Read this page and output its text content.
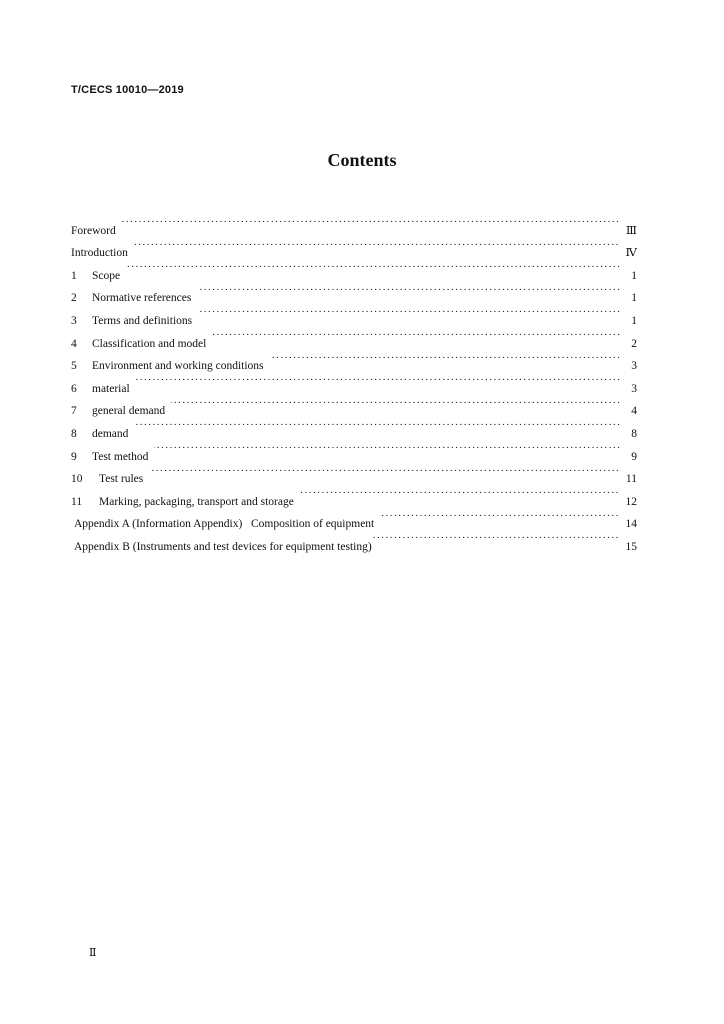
T/CECS 10010—2019
Contents
Foreword ·····	Ⅲ
Introduction ·····	Ⅳ
1	Scope ·····	1
2	Normative references ·····	1
3	Terms and definitions ·····	1
4	Classification and model ·····	2
5	Environment and working conditions ·····	3
6	material ·····	3
7	general demand ·····	4
8	demand ·····	8
9	Test method ·····	9
10	Test rules ·····	11
11	Marking, packaging, transport and storage ·····	12
Appendix A (Information Appendix)   Composition of equipment ·····	14
Appendix B (Instruments and test devices for equipment testing) ·····	15
Ⅱ
